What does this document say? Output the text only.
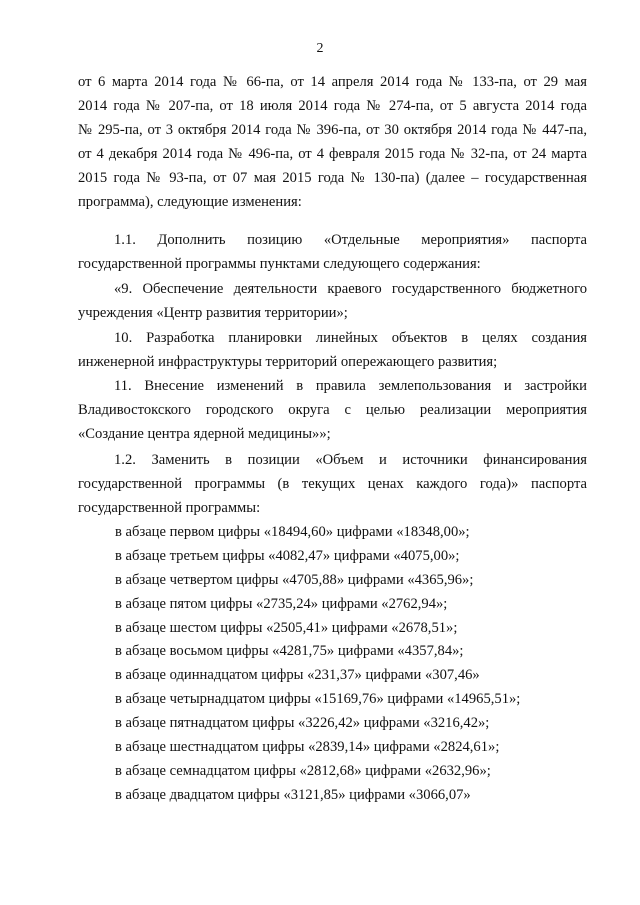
2
от 6 марта 2014 года № 66-па, от 14 апреля 2014 года № 133-па, от 29 мая
2014 года № 207-па, от 18 июля 2014 года № 274-па, от 5 августа 2014 года
№ 295-па, от 3 октября 2014 года № 396-па, от 30 октября 2014 года № 447-па,
от 4 декабря 2014 года № 496-па, от 4 февраля 2015 года № 32-па, от 24 марта
2015 года № 93-па, от 07 мая 2015 года № 130-па) (далее – государственная
программа), следующие изменения:
1.1. Дополнить позицию «Отдельные мероприятия» паспорта
государственной программы пунктами следующего содержания:
«9. Обеспечение деятельности краевого государственного бюджетного
учреждения «Центр развития территории»;
10. Разработка планировки линейных объектов в целях создания
инженерной инфраструктуры территорий опережающего развития;
11. Внесение изменений в правила землепользования и застройки
Владивостокского городского округа с целью реализации мероприятия
«Создание центра ядерной медицины»»;
1.2. Заменить в позиции «Объем и источники финансирования
государственной программы (в текущих ценах каждого года)» паспорта
государственной программы:
в абзаце первом цифры «18494,60» цифрами «18348,00»;
в абзаце третьем цифры «4082,47» цифрами «4075,00»;
в абзаце четвертом цифры «4705,88» цифрами «4365,96»;
в абзаце пятом цифры «2735,24» цифрами «2762,94»;
в абзаце шестом цифры «2505,41» цифрами «2678,51»;
в абзаце восьмом цифры «4281,75» цифрами «4357,84»;
в абзаце одиннадцатом цифры «231,37» цифрами «307,46»
в абзаце четырнадцатом цифры «15169,76» цифрами «14965,51»;
в абзаце пятнадцатом цифры «3226,42» цифрами «3216,42»;
в абзаце шестнадцатом цифры «2839,14» цифрами «2824,61»;
в абзаце семнадцатом цифры «2812,68» цифрами «2632,96»;
в абзаце двадцатом цифры «3121,85» цифрами «3066,07»
